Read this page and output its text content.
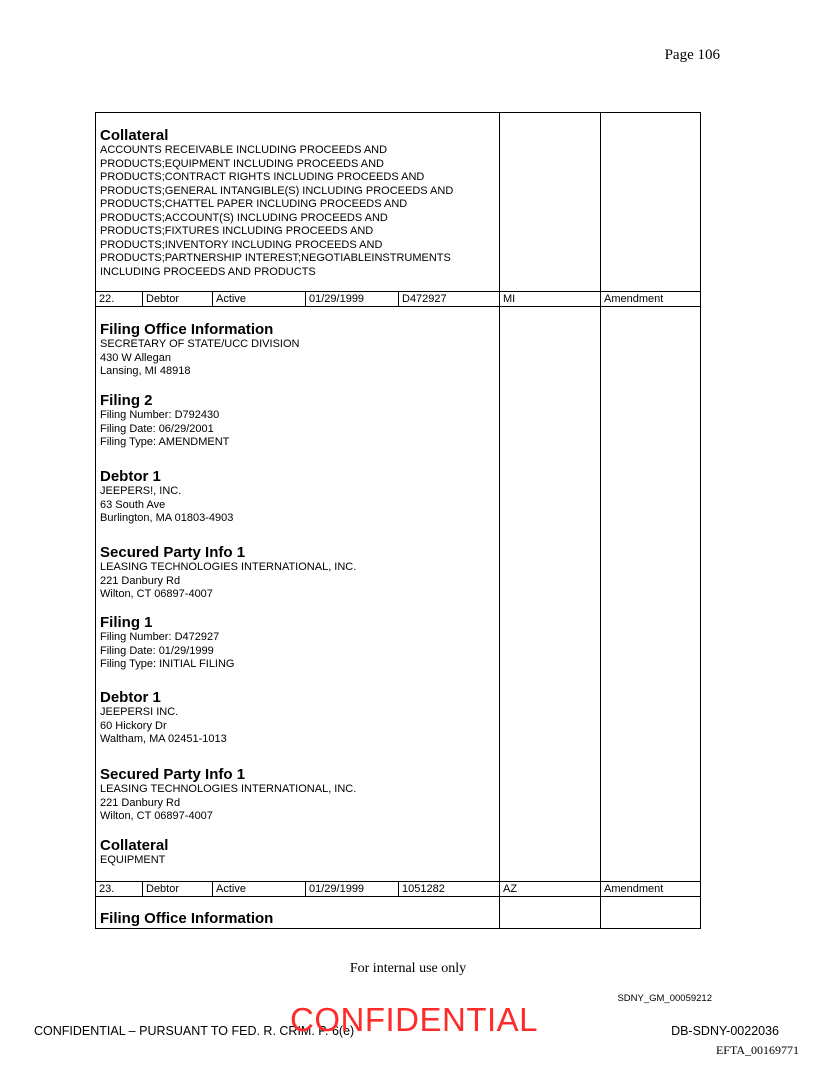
Page 106
Collateral
ACCOUNTS RECEIVABLE INCLUDING PROCEEDS AND
PRODUCTS;EQUIPMENT INCLUDING PROCEEDS AND
PRODUCTS;CONTRACT RIGHTS INCLUDING PROCEEDS AND
PRODUCTS;GENERAL INTANGIBLE(S) INCLUDING PROCEEDS AND
PRODUCTS;CHATTEL PAPER INCLUDING PROCEEDS AND
PRODUCTS;ACCOUNT(S) INCLUDING PROCEEDS AND
PRODUCTS;FIXTURES INCLUDING PROCEEDS AND
PRODUCTS;INVENTORY INCLUDING PROCEEDS AND
PRODUCTS;PARTNERSHIP INTEREST;NEGOTIABLEINSTRUMENTS
INCLUDING PROCEEDS AND PRODUCTS
22.	Debtor	Active	01/29/1999	D472927	MI	Amendment
Filing Office Information
SECRETARY OF STATE/UCC DIVISION
430 W Allegan
Lansing, MI 48918
Filing 2
Filing Number: D792430
Filing Date: 06/29/2001
Filing Type: AMENDMENT
Debtor 1
JEEPERS!, INC.
63 South Ave
Burlington, MA 01803-4903
Secured Party Info 1
LEASING TECHNOLOGIES INTERNATIONAL, INC.
221 Danbury Rd
Wilton, CT 06897-4007
Filing 1
Filing Number: D472927
Filing Date: 01/29/1999
Filing Type: INITIAL FILING
Debtor 1
JEEPERSI INC.
60 Hickory Dr
Waltham, MA 02451-1013
Secured Party Info 1
LEASING TECHNOLOGIES INTERNATIONAL, INC.
221 Danbury Rd
Wilton, CT 06897-4007
Collateral
EQUIPMENT
23.	Debtor	Active	01/29/1999	1051282	AZ	Amendment
Filing Office Information
For internal use only
SDNY_GM_00059212
CONFIDENTIAL – PURSUANT TO FED. R. CRIM. P. 6(e)
CONFIDENTIAL	DB-SDNY-0022036
EFTA_00169771
